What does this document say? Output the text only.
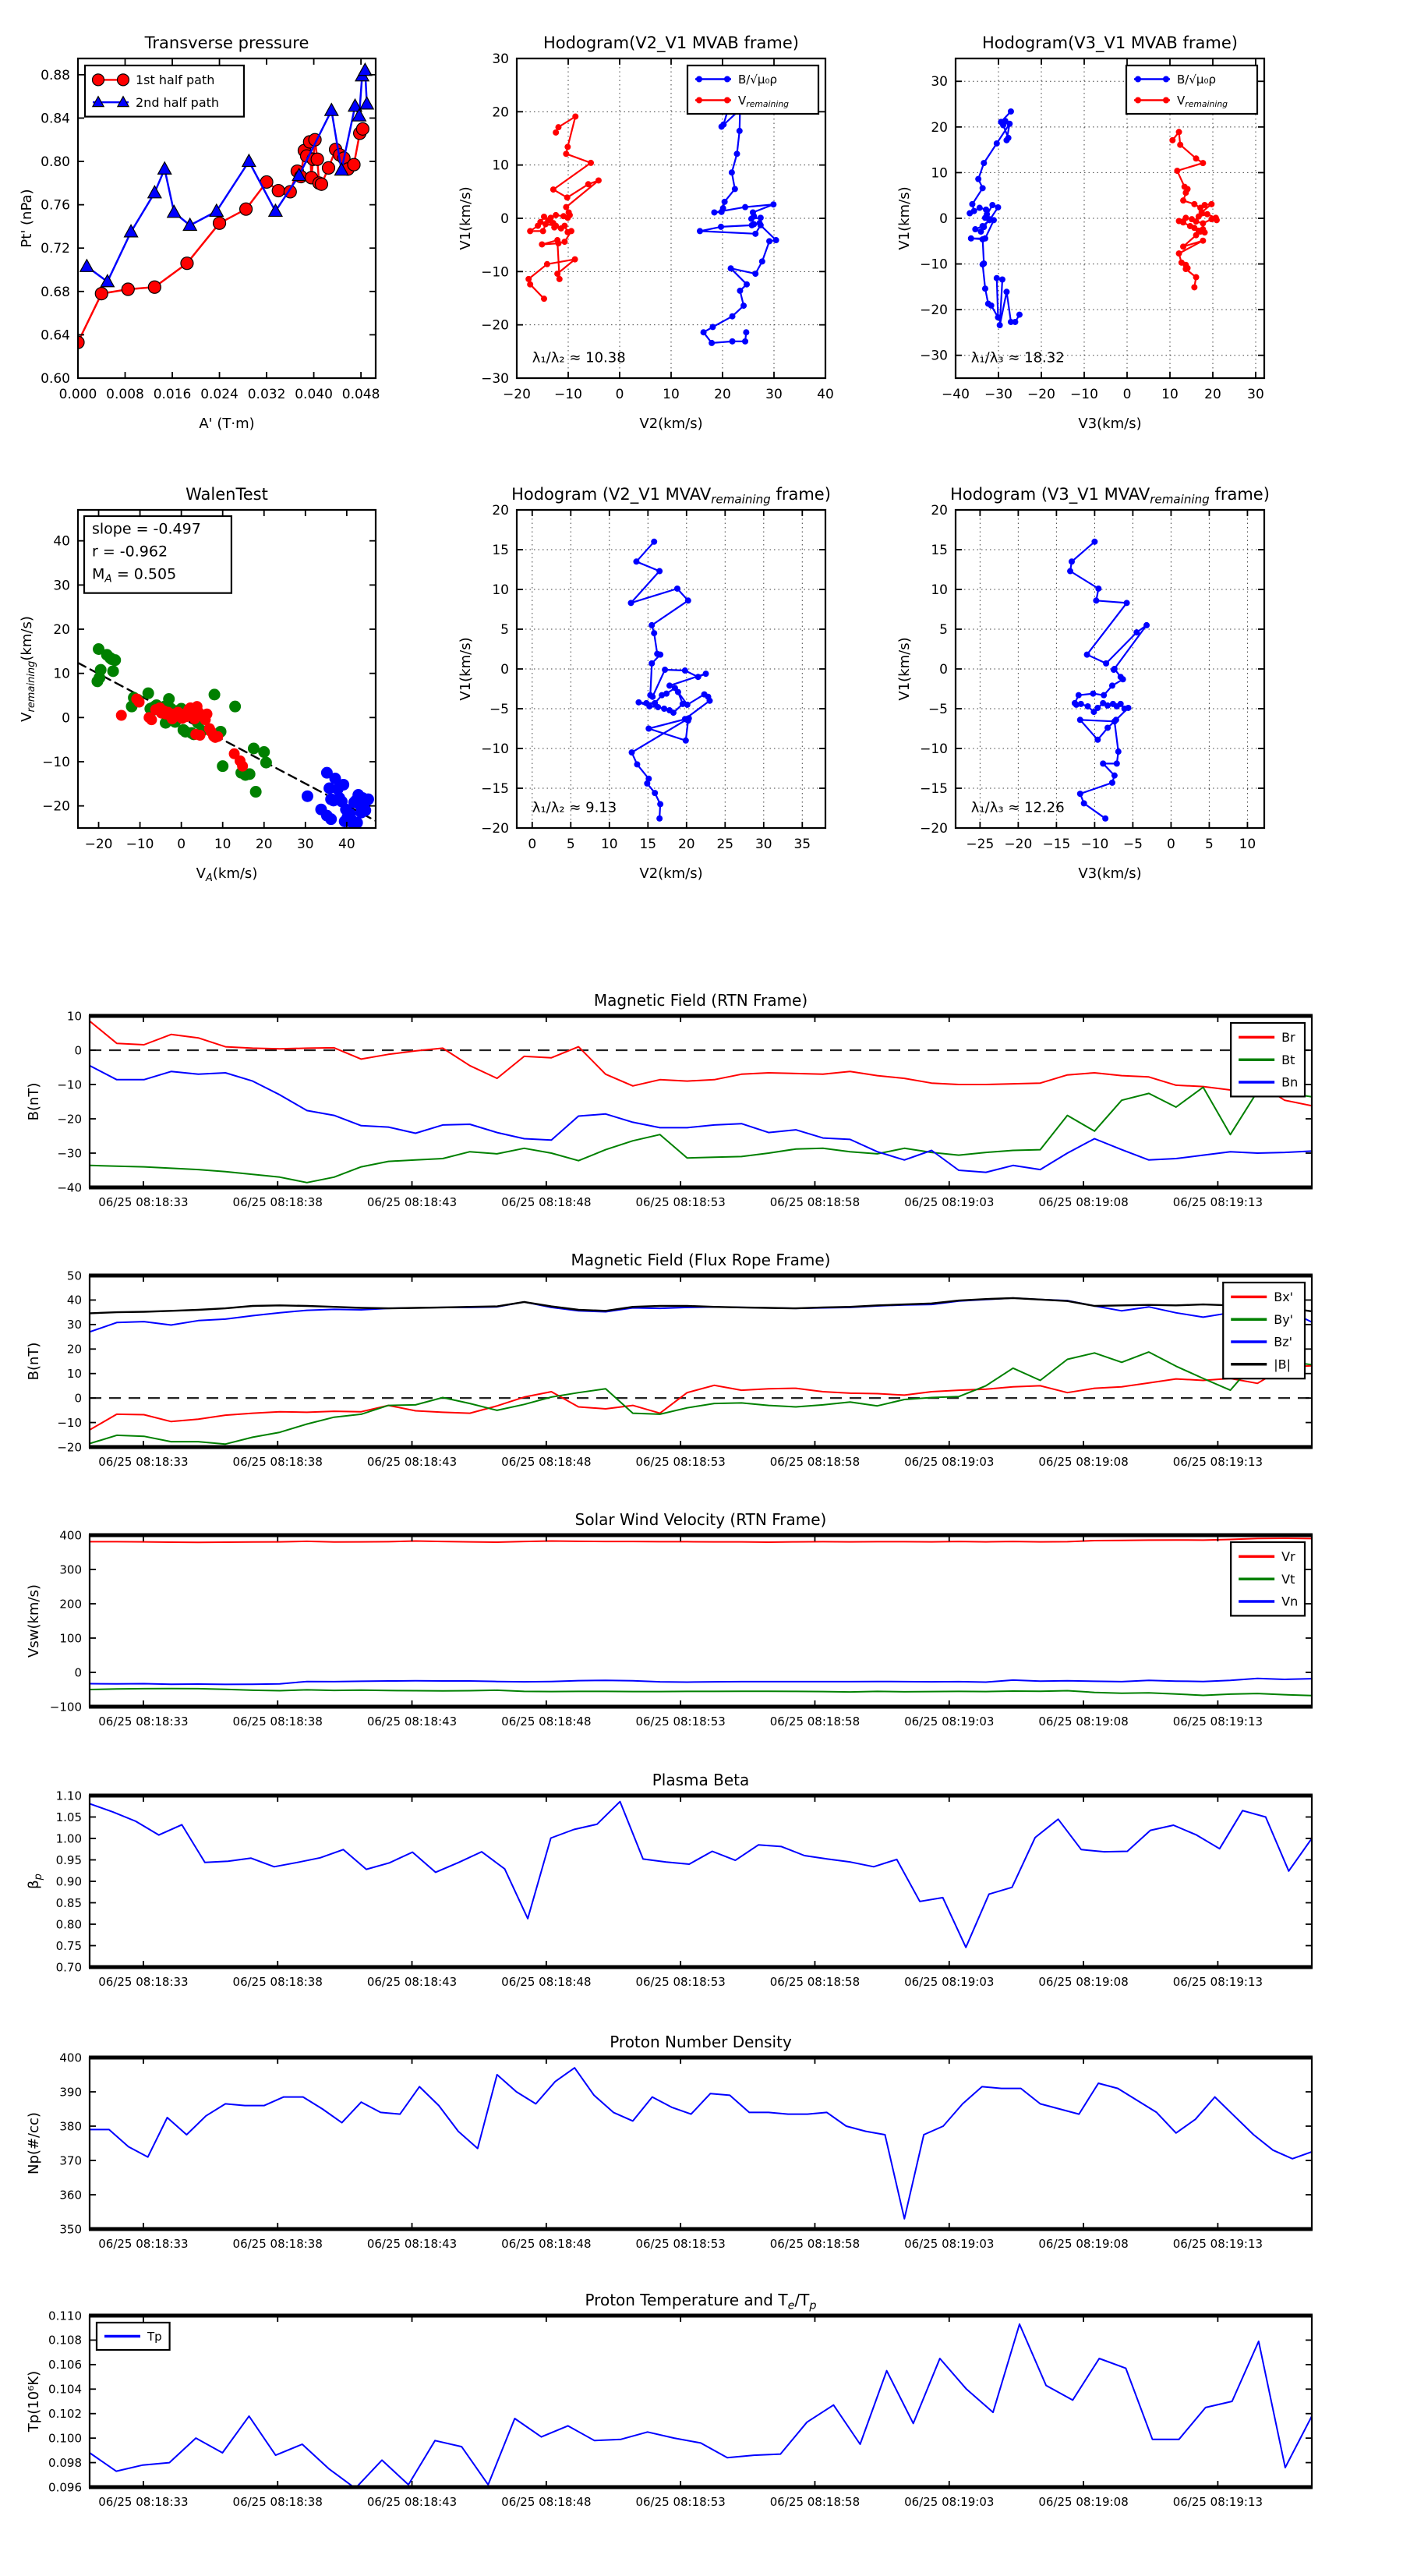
0.000 0.008 0.016 0.024 0.032 0.040 0.048
0.60
0.64
0.68
0.72
0.76
0.80
0.84
0.88
Transverse pressure
A' (T·m)
Pt' (nPa)
1st half path
2nd half path
−20 −10	0	10	20	30	40
−30
−20
−10
0
10
20
30
Hodogram(V2_V1 MVAB frame)
V2(km/s)
V1(km/s)
B/√μ₀ρ
$V_{remaining}$
λ₁/λ₂ ≈ 10.38
−40 −30 −20 −10 0 10 20 30
−30
−20
−10
0
10
20
30
Hodogram(V3_V1 MVAB frame)
V3(km/s)
V1(km/s)
B/√μ₀ρ
$V_{remaining}$
λ₁/λ₃ ≈ 18.32
−20 −10 0 10 20 30 40
−20
−10
0
10
20
30
40
WalenTest
$V_A(km/s)$
$V_{remaining}(km/s)$
slope = -0.497
r = -0.962
$M_A = 0.505$
0 5 10 15 20 25 30 35
−20
−15
−10
−5
0
5
10
15
20
Hodogram (V2_V1 $MVAV_{remaining}$ frame)
V2(km/s)
V1(km/s)
λ₁/λ₂ ≈ 9.13
−25 −20 −15 −10 −5 0 5 10
−20
−15
−10
−5
0
5
10
15
20
Hodogram (V3_V1 $MVAV_{remaining}$ frame)
V3(km/s)
V1(km/s)
λ₁/λ₃ ≈ 12.26
06/25 08:18:33	06/25 08:18:38	06/25 08:18:43	06/25 08:18:48	06/25 08:18:53	06/25 08:18:58	06/25 08:19:03	06/25 08:19:08	06/25 08:19:13
10
0
−10
−20
−30
−40
Magnetic Field (RTN Frame)
B(nT)
Br
Bt
Bn
06/25 08:18:33	06/25 08:18:38	06/25 08:18:43	06/25 08:18:48	06/25 08:18:53	06/25 08:18:58	06/25 08:19:03	06/25 08:19:08	06/25 08:19:13
50
40
30
20
10
0
−10
−20
Magnetic Field (Flux Rope Frame)
B(nT)
Bx'
By'
Bz'
|B|
06/25 08:18:33	06/25 08:18:38	06/25 08:18:43	06/25 08:18:48	06/25 08:18:53	06/25 08:18:58	06/25 08:19:03	06/25 08:19:08	06/25 08:19:13
400
300
200
100
0
−100
Solar Wind Velocity (RTN Frame)
Vsw(km/s)
Vr
Vt
Vn
06/25 08:18:33	06/25 08:18:38	06/25 08:18:43	06/25 08:18:48	06/25 08:18:53	06/25 08:18:58	06/25 08:19:03	06/25 08:19:08	06/25 08:19:13
1.10
1.05
1.00
0.95
0.90
0.85
0.80
0.75
0.70
Plasma Beta
$\beta_p$
06/25 08:18:33	06/25 08:18:38	06/25 08:18:43	06/25 08:18:48	06/25 08:18:53	06/25 08:18:58	06/25 08:19:03	06/25 08:19:08	06/25 08:19:13
400
390
380
370
360
350
Proton Number Density
Np(#/cc)
06/25 08:18:33	06/25 08:18:38	06/25 08:18:43	06/25 08:18:48	06/25 08:18:53	06/25 08:18:58	06/25 08:19:03	06/25 08:19:08	06/25 08:19:13
0.110
0.108
0.106
0.104
0.102
0.100
0.098
0.096
Proton Temperature and $T_e/T_p$
Tp(10⁶K)
Tp
